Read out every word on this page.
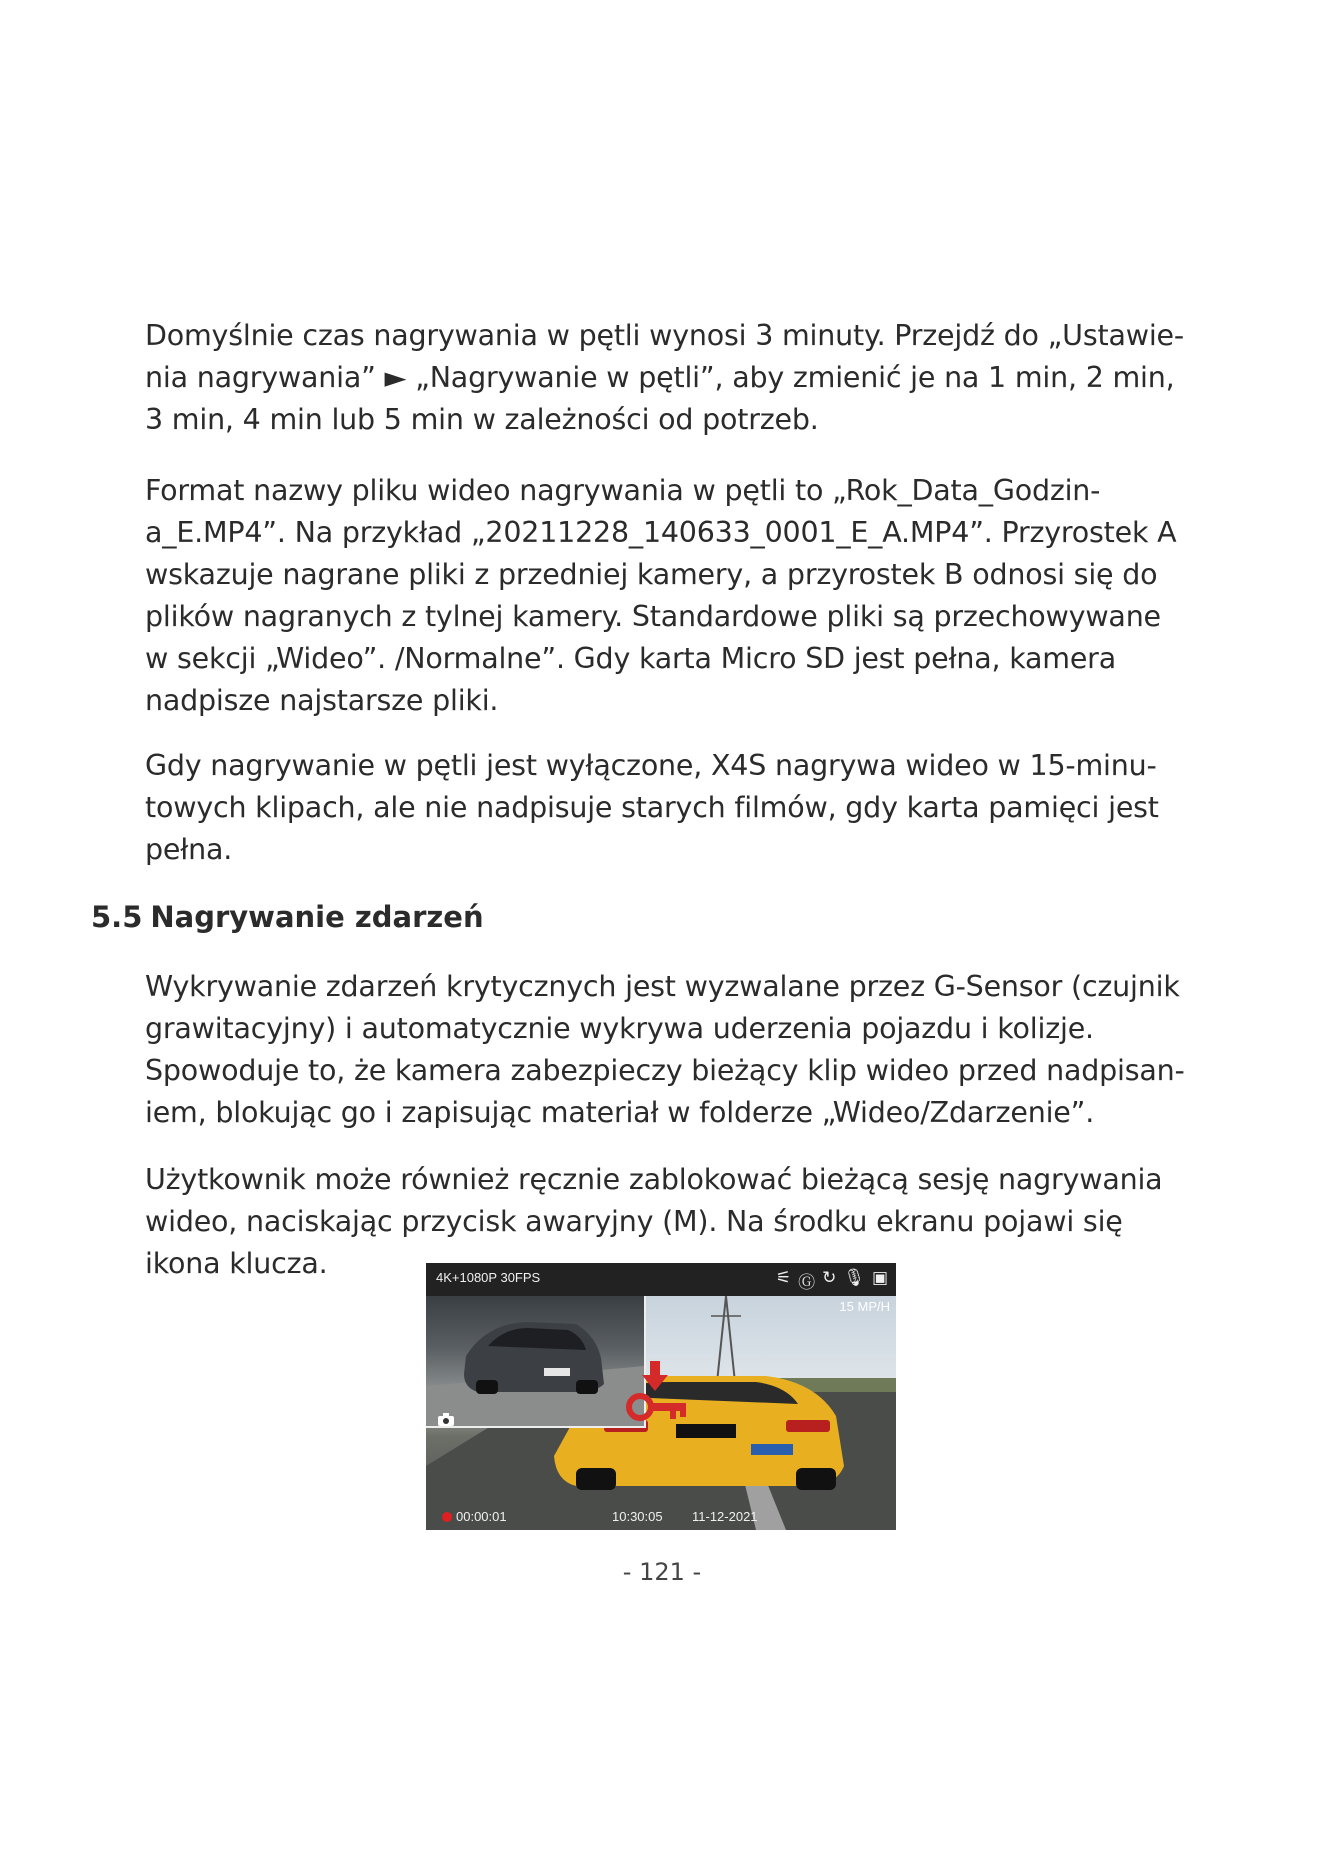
Domyślnie czas nagrywania w pętli wynosi 3 minuty. Przejdź do „Ustawie-
nia nagrywania” ► „Nagrywanie w pętli”, aby zmienić je na 1 min, 2 min,
3 min, 4 min lub 5 min w zależności od potrzeb.

Format nazwy pliku wideo nagrywania w pętli to „Rok_Data_Godzin-
a_E.MP4”. Na przykład „20211228_140633_0001_E_A.MP4”. Przyrostek A
wskazuje nagrane pliki z przedniej kamery, a przyrostek B odnosi się do
plików nagranych z tylnej kamery. Standardowe pliki są przechowywane
w sekcji „Wideo”. /Normalne”. Gdy karta Micro SD jest pełna, kamera
nadpisze najstarsze pliki.

Gdy nagrywanie w pętli jest wyłączone, X4S nagrywa wideo w 15-minu-
towych klipach, ale nie nadpisuje starych filmów, gdy karta pamięci jest
pełna.

5.5 Nagrywanie zdarzeń

Wykrywanie zdarzeń krytycznych jest wyzwalane przez G-Sensor (czujnik
grawitacyjny) i automatycznie wykrywa uderzenia pojazdu i kolizje.
Spowoduje to, że kamera zabezpieczy bieżący klip wideo przed nadpisan-
iem, blokując go i zapisując materiał w folderze „Wideo/Zdarzenie”.

Użytkownik może również ręcznie zablokować bieżącą sesję nagrywania
wideo, naciskając przycisk awaryjny (M). Na środku ekranu pojawi się
ikona klucza.	4K+1080P 30FPS	⚟ Ⓖ ↻ 🎙 ▣
15 MP/H
00:00:01	10:30:05 11-12-2021

- 121 -
